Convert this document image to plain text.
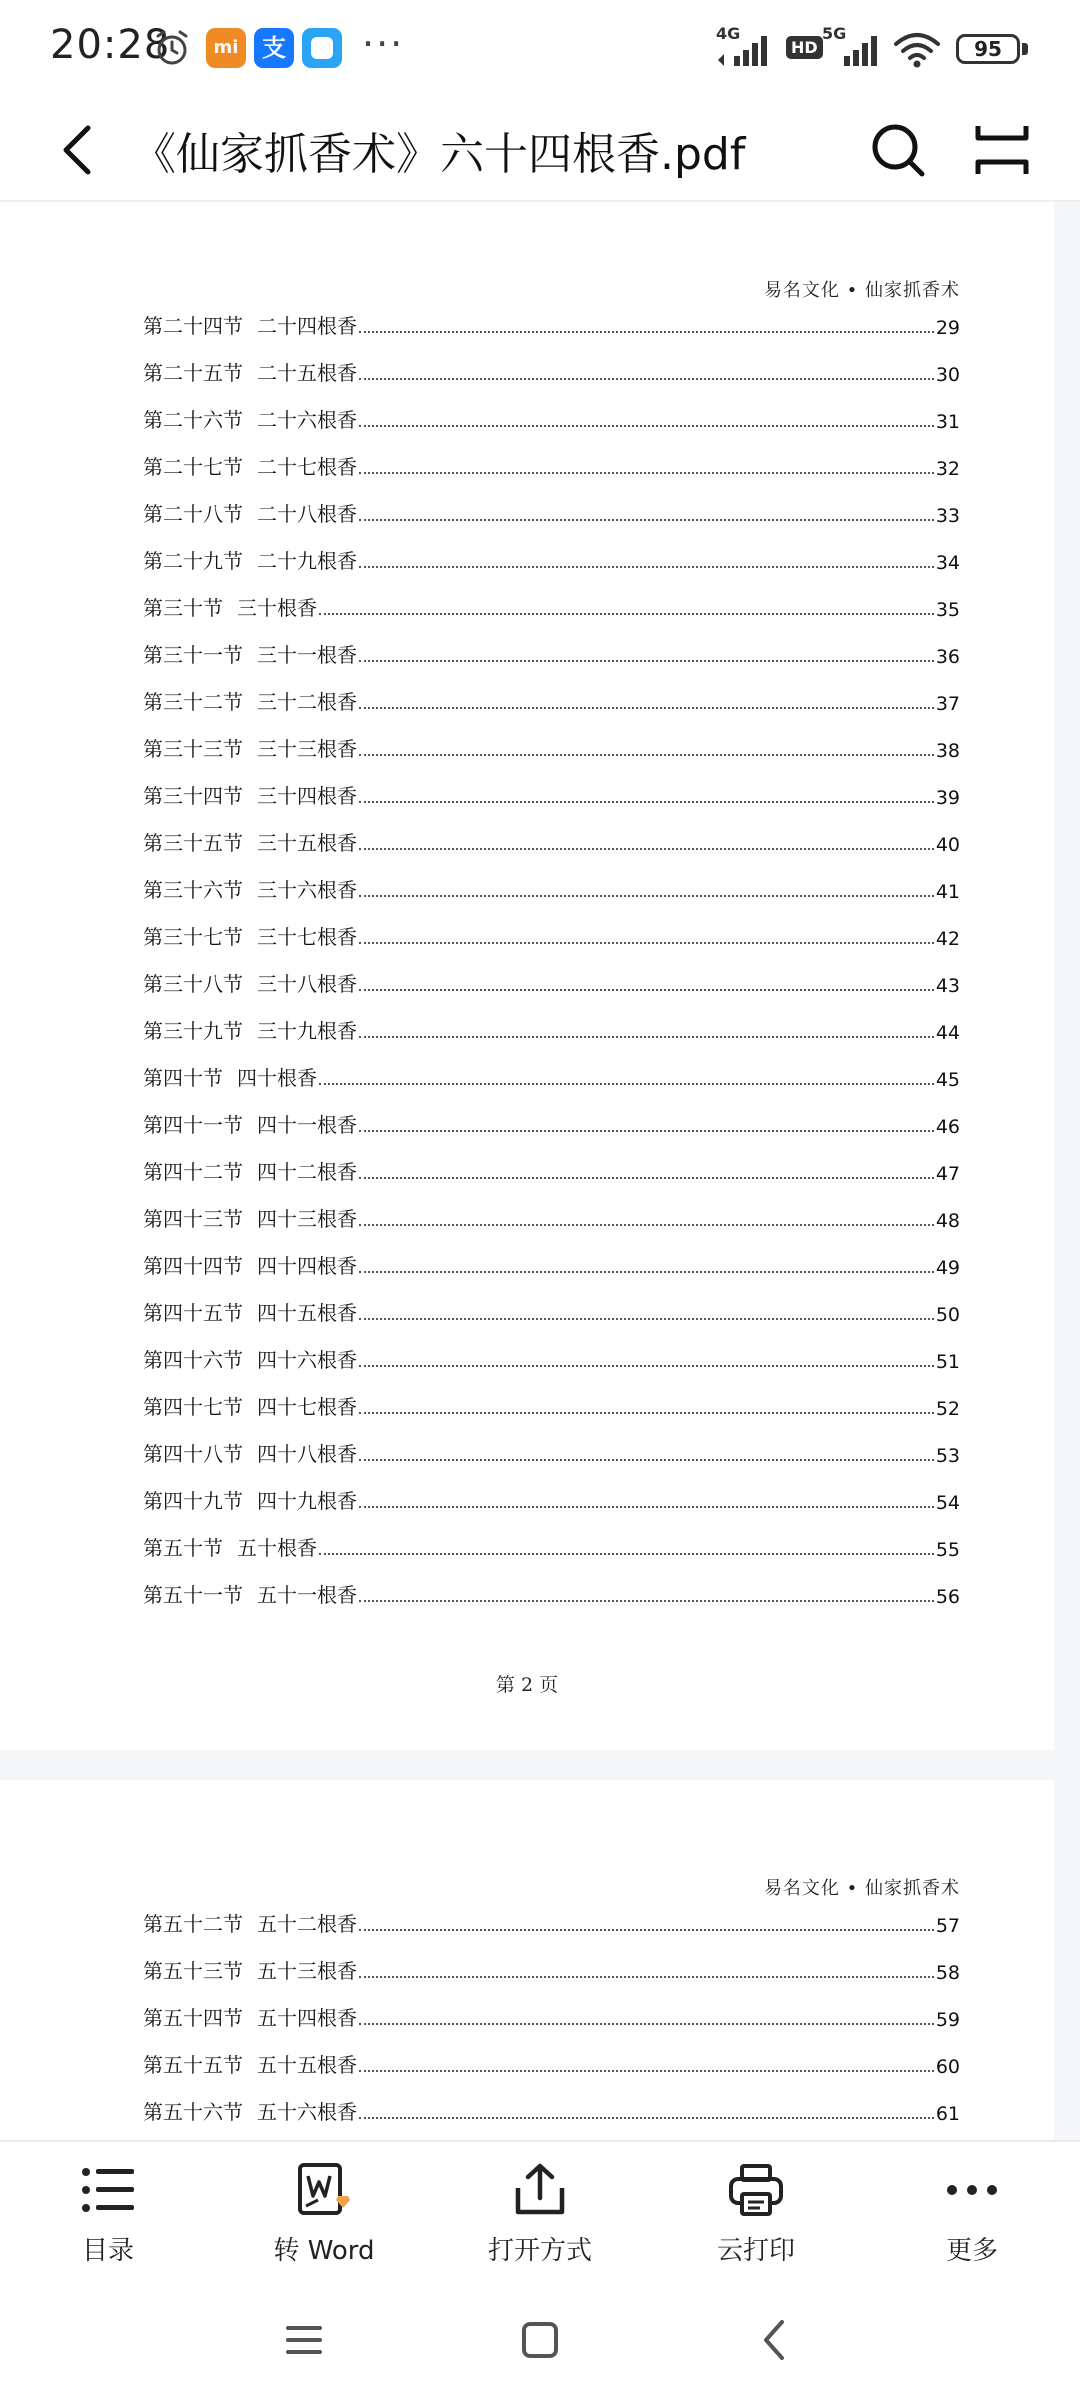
20:28	mi 支 ···	4G
HD
5G
95
《仙家抓香术》六十四根香.pdf
易名文化 • 仙家抓香术
第二十四节 二十四根香	29
第二十五节 二十五根香	30
第二十六节 二十六根香	31
第二十七节 二十七根香	32
第二十八节 二十八根香	33
第二十九节 二十九根香	34
第三十节 三十根香	35
第三十一节 三十一根香	36
第三十二节 三十二根香	37
第三十三节 三十三根香	38
第三十四节 三十四根香	39
第三十五节 三十五根香	40
第三十六节 三十六根香	41
第三十七节 三十七根香	42
第三十八节 三十八根香	43
第三十九节 三十九根香	44
第四十节 四十根香	45
第四十一节 四十一根香	46
第四十二节 四十二根香	47
第四十三节 四十三根香	48
第四十四节 四十四根香	49
第四十五节 四十五根香	50
第四十六节 四十六根香	51
第四十七节 四十七根香	52
第四十八节 四十八根香	53
第四十九节 四十九根香	54
第五十节 五十根香	55
第五十一节 五十一根香	56
第 2 页
易名文化 • 仙家抓香术
第五十二节 五十二根香	57
第五十三节 五十三根香	58
第五十四节 五十四根香	59
第五十五节 五十五根香	60
第五十六节 五十六根香	61
目录	转 Word	打开方式	云打印	更多
